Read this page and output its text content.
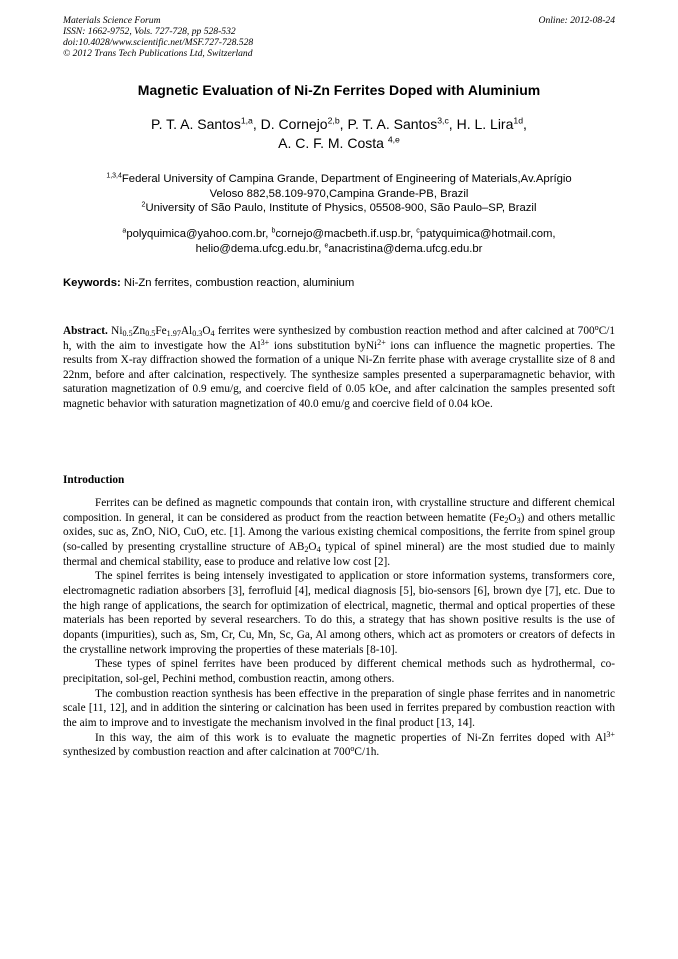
Materials Science Forum
ISSN: 1662-9752, Vols. 727-728, pp 528-532
doi:10.4028/www.scientific.net/MSF.727-728.528
© 2012 Trans Tech Publications Ltd, Switzerland
Online: 2012-08-24
Magnetic Evaluation of Ni-Zn Ferrites Doped with Aluminium
P. T. A. Santos$^{1,a}$, D. Cornejo$^{2,b}$, P. T. A. Santos$^{3,c}$, H. L. Lira$^{1d}$,
A. C. F. M. Costa $^{4,e}$
$^{1,3,4}$Federal University of Campina Grande, Department of Engineering of Materials,Av.Aprígio
Veloso 882,58.109-970,Campina Grande-PB, Brazil
$^2$University of São Paulo, Institute of Physics, 05508-900, São Paulo–SP, Brazil
$^a$polyquimica@yahoo.com.br, $^b$cornejo@macbeth.if.usp.br, $^c$patyquimica@hotmail.com,
helio@dema.ufcg.edu.br, $^e$anacristina@dema.ufcg.edu.br
Keywords: Ni-Zn ferrites, combustion reaction, aluminium
Abstract. $Ni_{0.5}Zn_{0.5}Fe_{1.97}Al_{0.3}O_4$ ferrites were synthesized by combustion reaction method and after calcined at 700$^o$C/1 h, with the aim to investigate how the $Al^{3+}$ ions substitution byNi$^{2+}$ ions can influence the magnetic properties. The results from X-ray diffraction showed the formation of a unique Ni-Zn ferrite phase with average crystallite size of 8 and 22nm, before and after calcination, respectively. The synthesize samples presented a superparamagnetic behavior, with saturation magnetization of 0.9 emu/g, and coercive field of 0.05 kOe, and after calcination the samples presented soft magnetic behavior with saturation magnetization of 40.0 emu/g and coercive field of 0.04 kOe.
Introduction

Ferrites can be defined as magnetic compounds that contain iron, with crystalline structure and different chemical composition. In general, it can be considered as product from the reaction between hematite $(Fe_2O_3)$ and others metallic oxides, suc as, ZnO, NiO, CuO, etc. [1]. Among the various existing chemical compositions, the ferrite from spinel group (so-called by presenting crystalline structure of $AB_2O_4$ typical of spinel mineral) are the most studied due to mainly thermal and chemical stability, ease to produce and relative low cost [2].

The spinel ferrites is being intensely investigated to application or store information systems, transformers core, electromagnetic radiation absorbers [3], ferrofluid [4], medical diagnosis [5], bio-sensors [6], brown dye [7], etc. Due to the high range of applications, the search for optimization of electrical, magnetic, thermal and optical properties of these materials has been reported by several researchers. To do this, a strategy that has shown positive results is the use of dopants (impurities), such as, Sm, Cr, Cu, Mn, Sc, Ga, Al among others, which act as promoters or creators of defects in the crystalline network improving the properties of these materials [8-10].

These types of spinel ferrites have been produced by different chemical methods such as hydrothermal, co-precipitation, sol-gel, Pechini method, combustion reactin, among others.

The combustion reaction synthesis has been effective in the preparation of single phase ferrites and in nanometric scale [11, 12], and in addition the sintering or calcination has been used in ferrites prepared by combustion reaction with the aim to improve and to investigate the mechanism involved in the final product [13, 14].

In this way, the aim of this work is to evaluate the magnetic properties of Ni-Zn ferrites doped with $Al^{3+}$ synthesized by combustion reaction and after calcination at 700$^o$C/1h.
